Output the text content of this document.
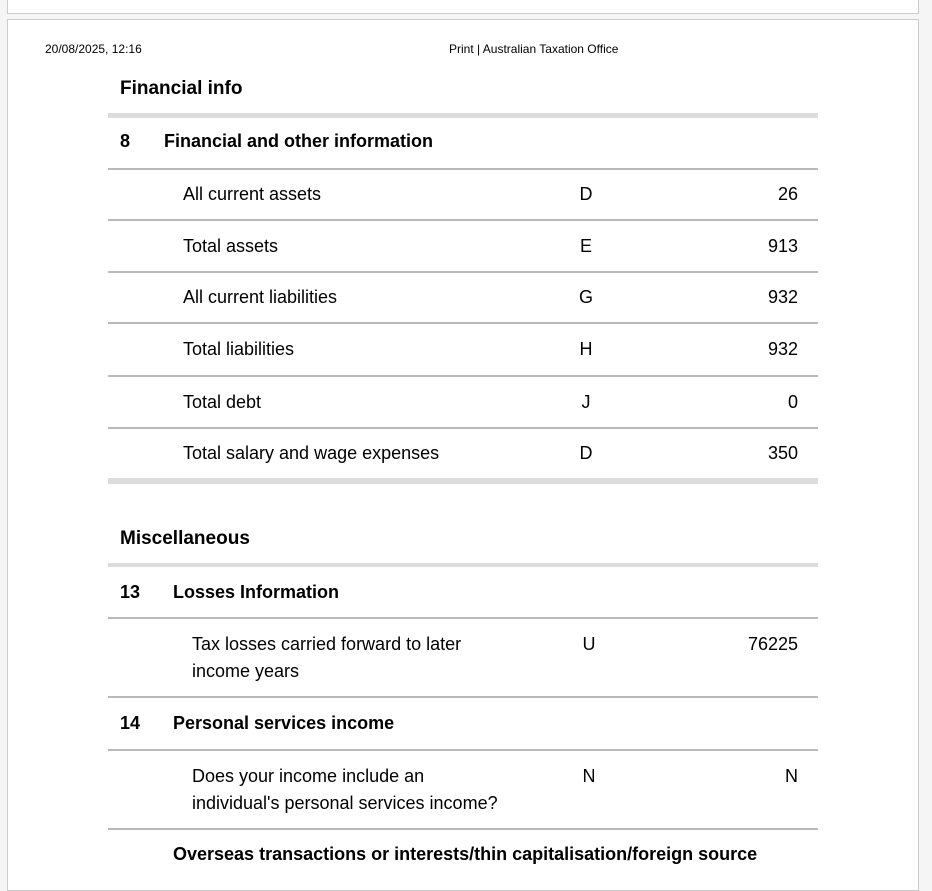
20/08/2025, 12:16	Print | Australian Taxation Office
Financial info
8 Financial and other information
All current assets	D	26
Total assets	E	913
All current liabilities	G	932
Total liabilities	H	932
Total debt	J	0
Total salary and wage expenses	D	350
Miscellaneous
13 Losses Information
Tax losses carried forward to later
income years
U	76225
14 Personal services income
Does your income include an
individual's personal services income?
N	N
Overseas transactions or interests/thin capitalisation/foreign source
